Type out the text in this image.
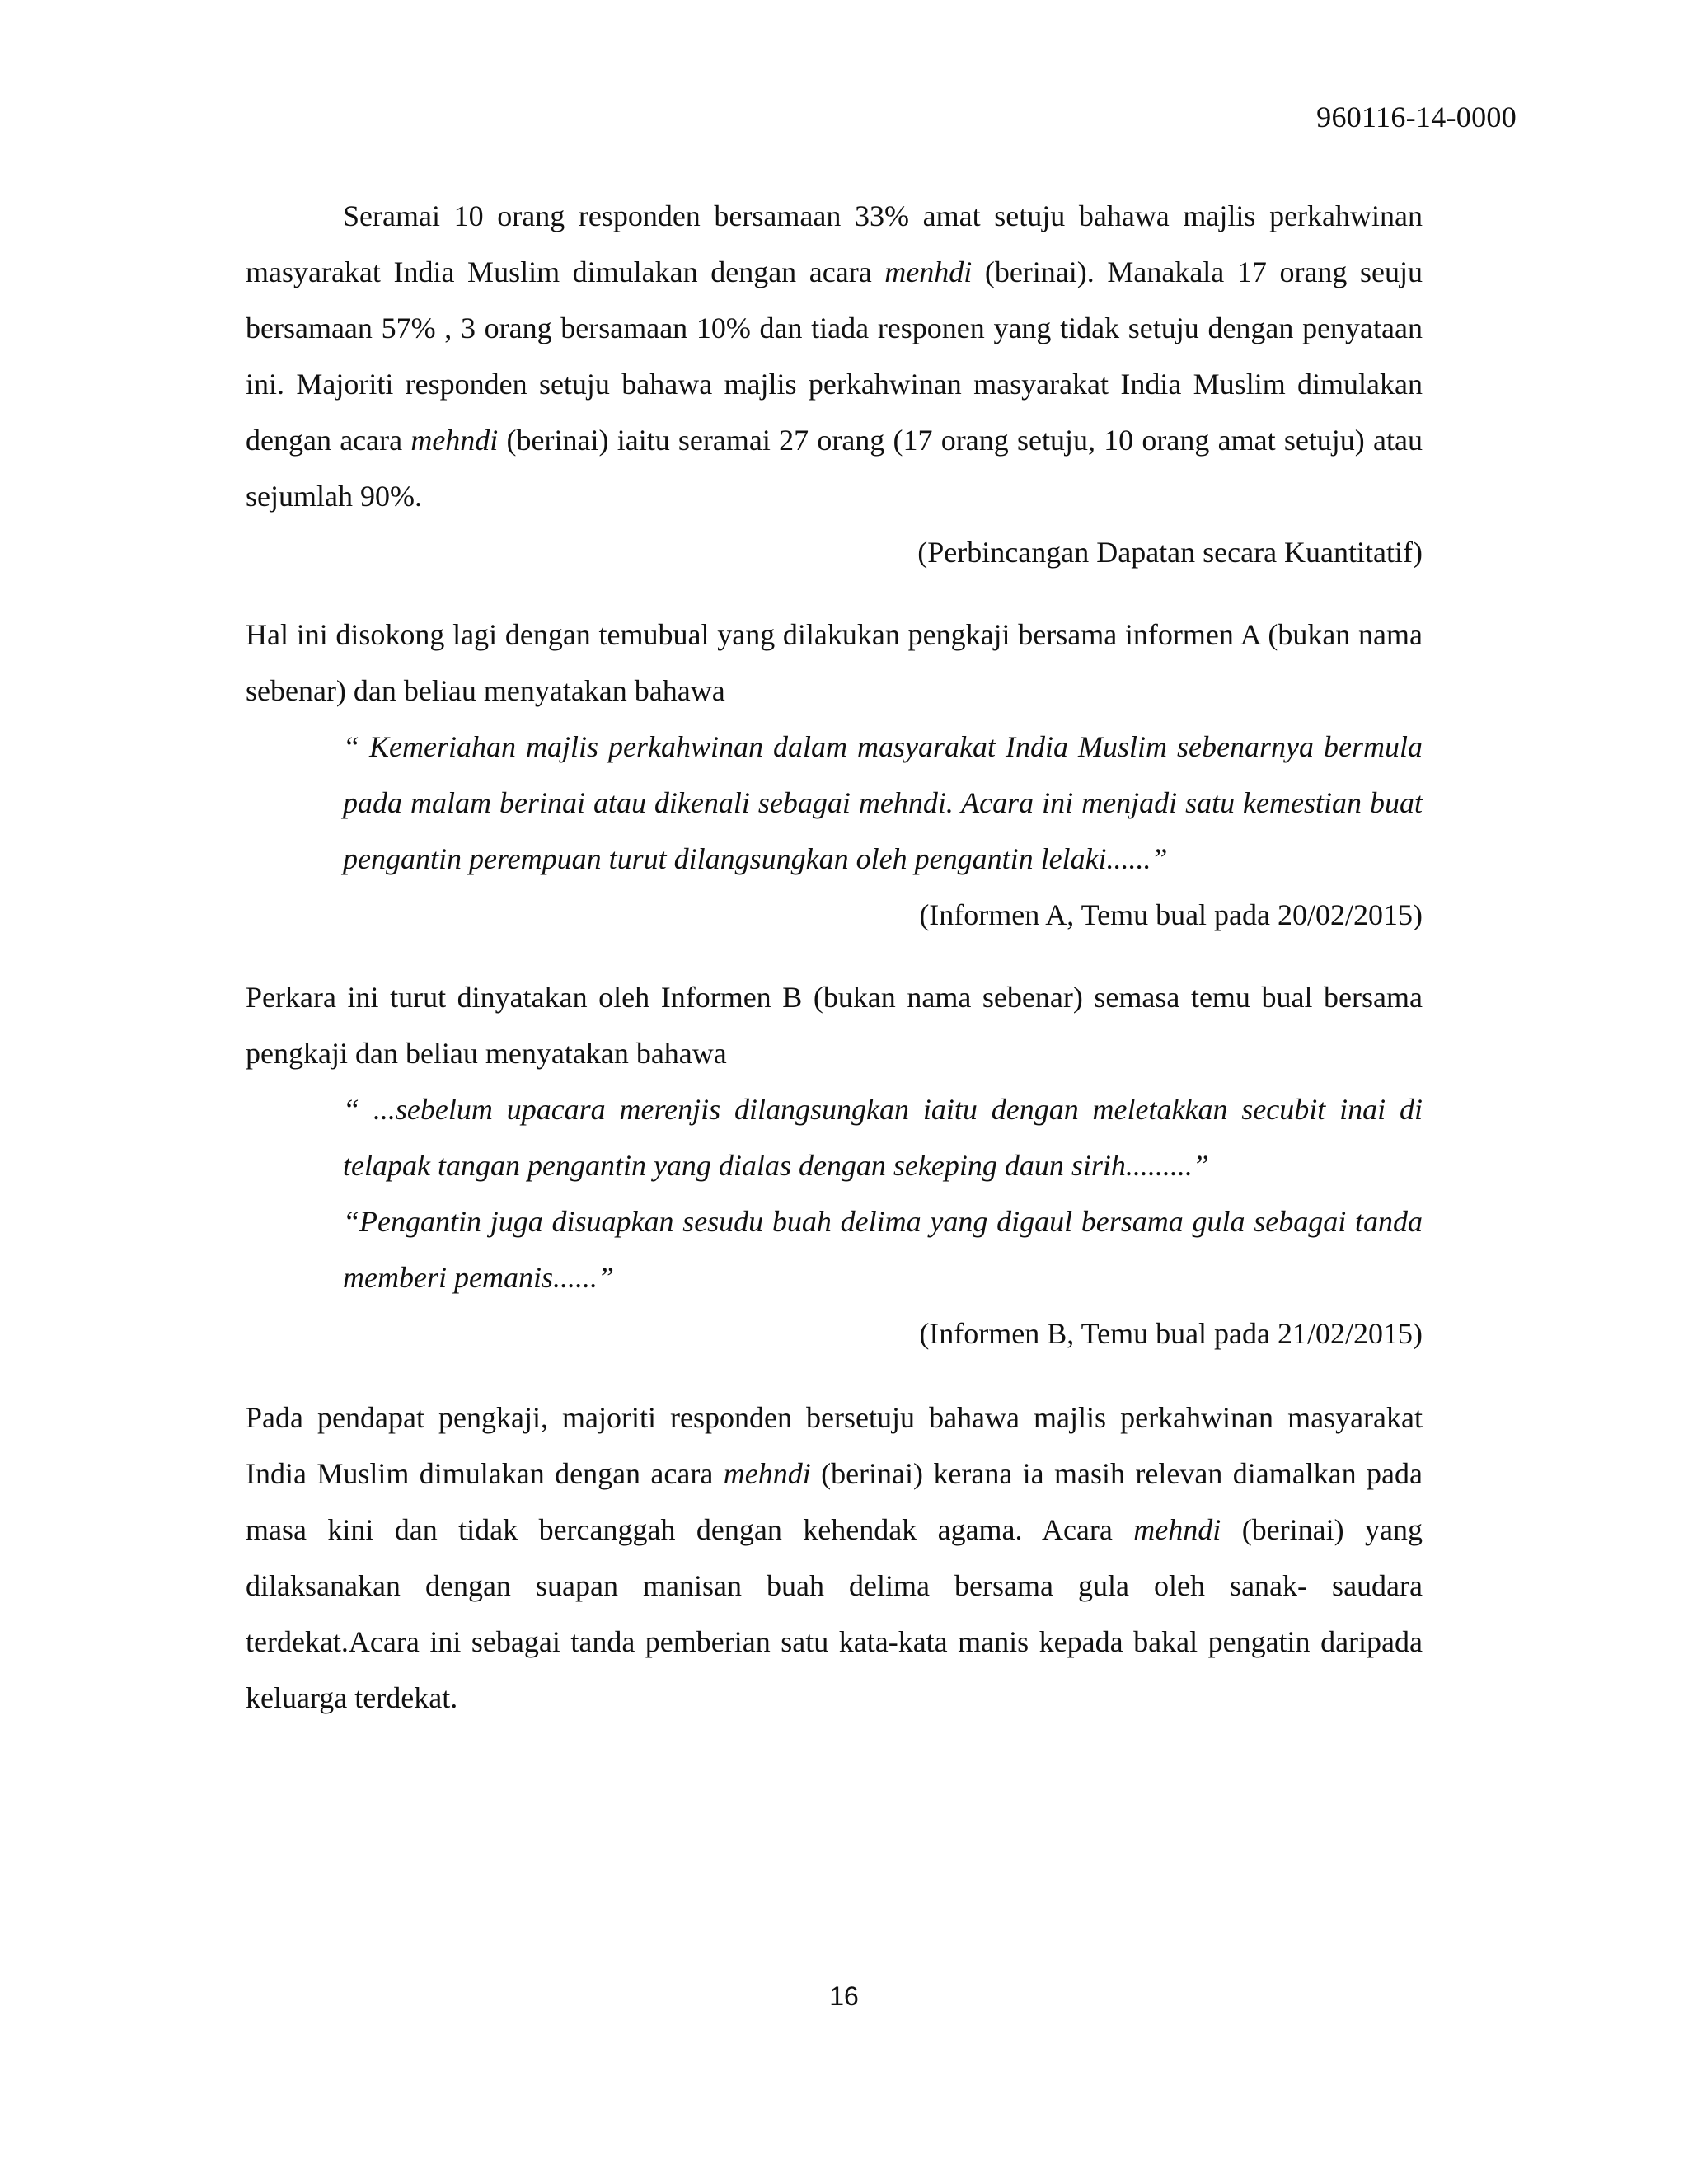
960116-14-0000

Seramai 10 orang responden bersamaan 33% amat setuju bahawa majlis perkahwinan masyarakat India Muslim dimulakan dengan acara menhdi (berinai). Manakala 17 orang seuju bersamaan 57% , 3 orang bersamaan 10% dan tiada responen yang tidak setuju dengan penyataan ini. Majoriti responden setuju bahawa majlis perkahwinan masyarakat India Muslim dimulakan dengan acara mehndi (berinai) iaitu seramai 27 orang (17 orang setuju, 10 orang amat setuju) atau sejumlah 90%.

(Perbincangan Dapatan secara Kuantitatif)

Hal ini disokong lagi dengan temubual yang dilakukan pengkaji bersama informen A (bukan nama sebenar) dan beliau menyatakan bahawa

“ Kemeriahan majlis perkahwinan dalam masyarakat India Muslim sebenarnya bermula pada malam berinai atau dikenali sebagai mehndi. Acara ini menjadi satu kemestian buat pengantin perempuan turut dilangsungkan oleh pengantin lelaki......”

(Informen A, Temu bual pada 20/02/2015)

Perkara ini turut dinyatakan oleh Informen B (bukan nama sebenar) semasa temu bual bersama pengkaji dan beliau menyatakan bahawa

“ ...sebelum upacara merenjis dilangsungkan iaitu dengan meletakkan secubit inai di telapak tangan pengantin yang dialas dengan sekeping daun sirih.........”

“Pengantin juga disuapkan sesudu buah delima yang digaul bersama gula sebagai tanda memberi pemanis......”

(Informen B, Temu bual pada 21/02/2015)

Pada pendapat pengkaji, majoriti responden bersetuju bahawa majlis perkahwinan masyarakat India Muslim dimulakan dengan acara mehndi (berinai) kerana ia masih relevan diamalkan pada masa kini dan tidak bercanggah dengan kehendak agama. Acara mehndi (berinai) yang dilaksanakan dengan suapan manisan buah delima bersama gula oleh sanak- saudara terdekat.Acara ini sebagai tanda pemberian satu kata-kata manis kepada bakal pengatin daripada keluarga terdekat.

16
